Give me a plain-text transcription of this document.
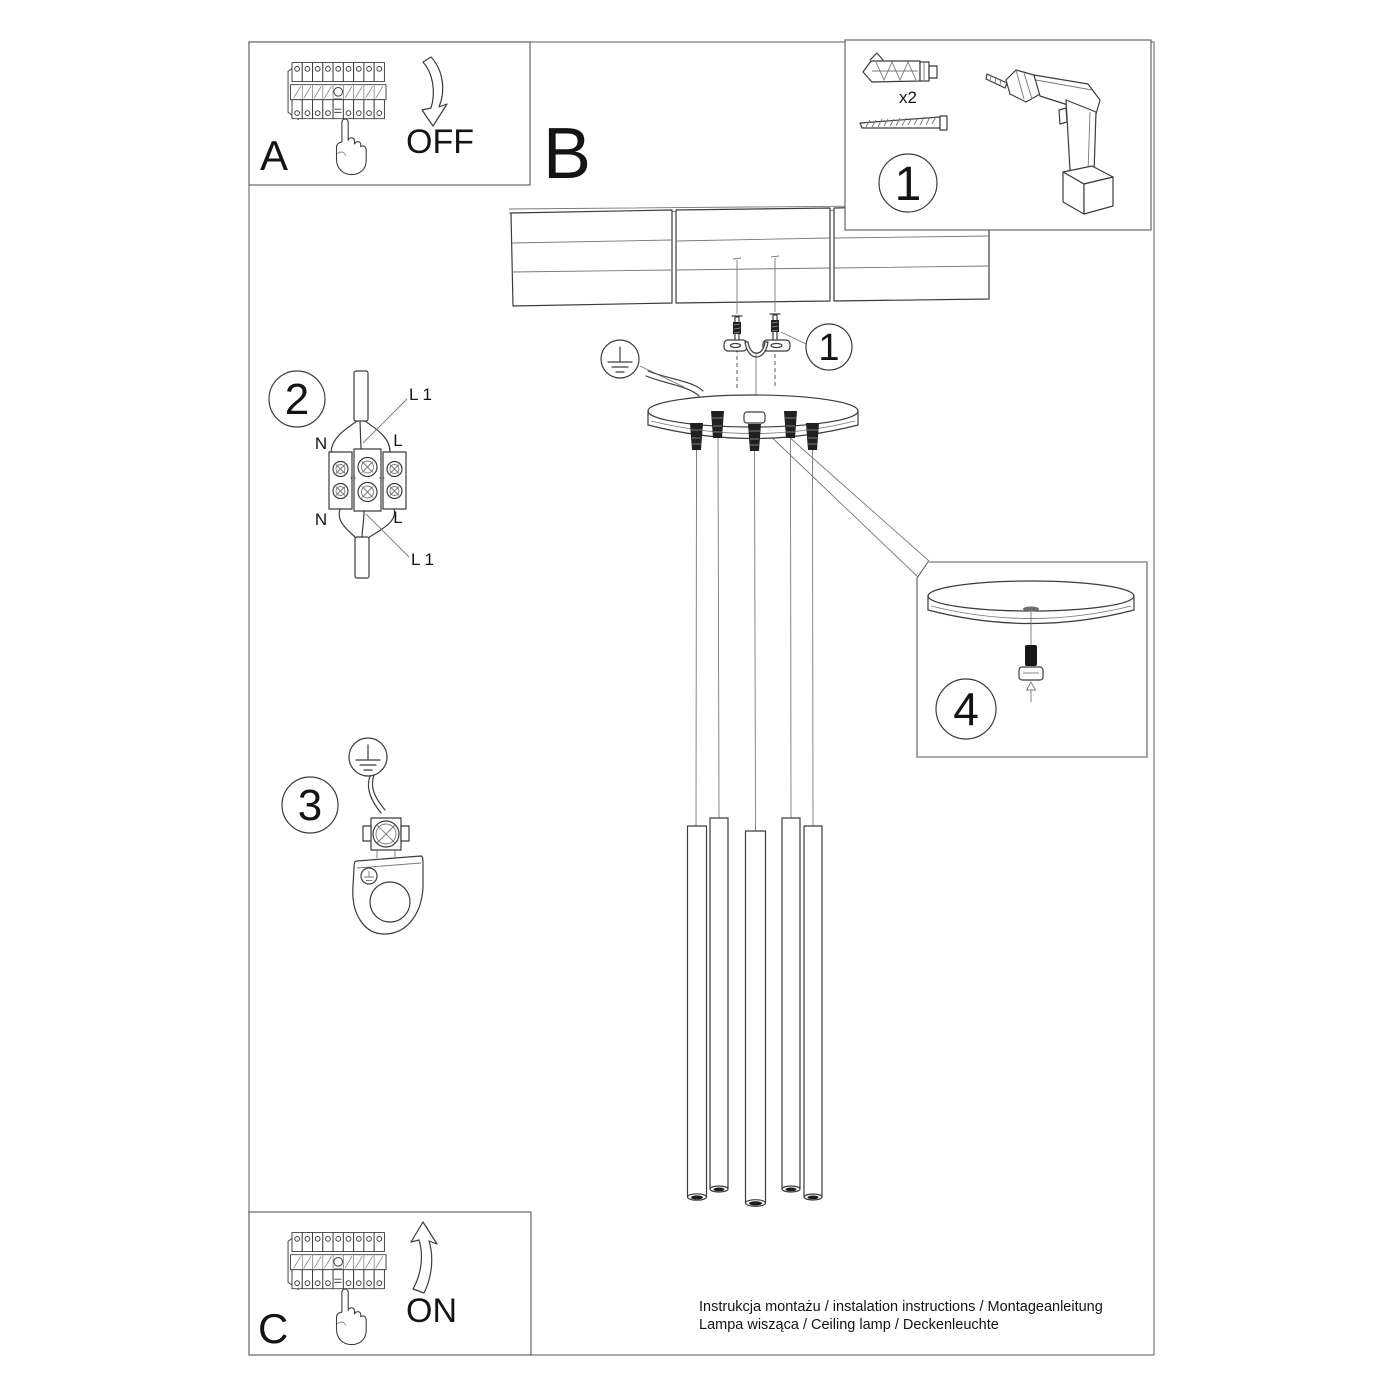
1
B
OFF
A
x2
1
2
N	L
L 1
N	L
L 1
3
4
ON
C	Instrukcja montażu / instalation instructions / Montageanleitung
Lampa wisząca / Ceiling lamp / Deckenleuchte
